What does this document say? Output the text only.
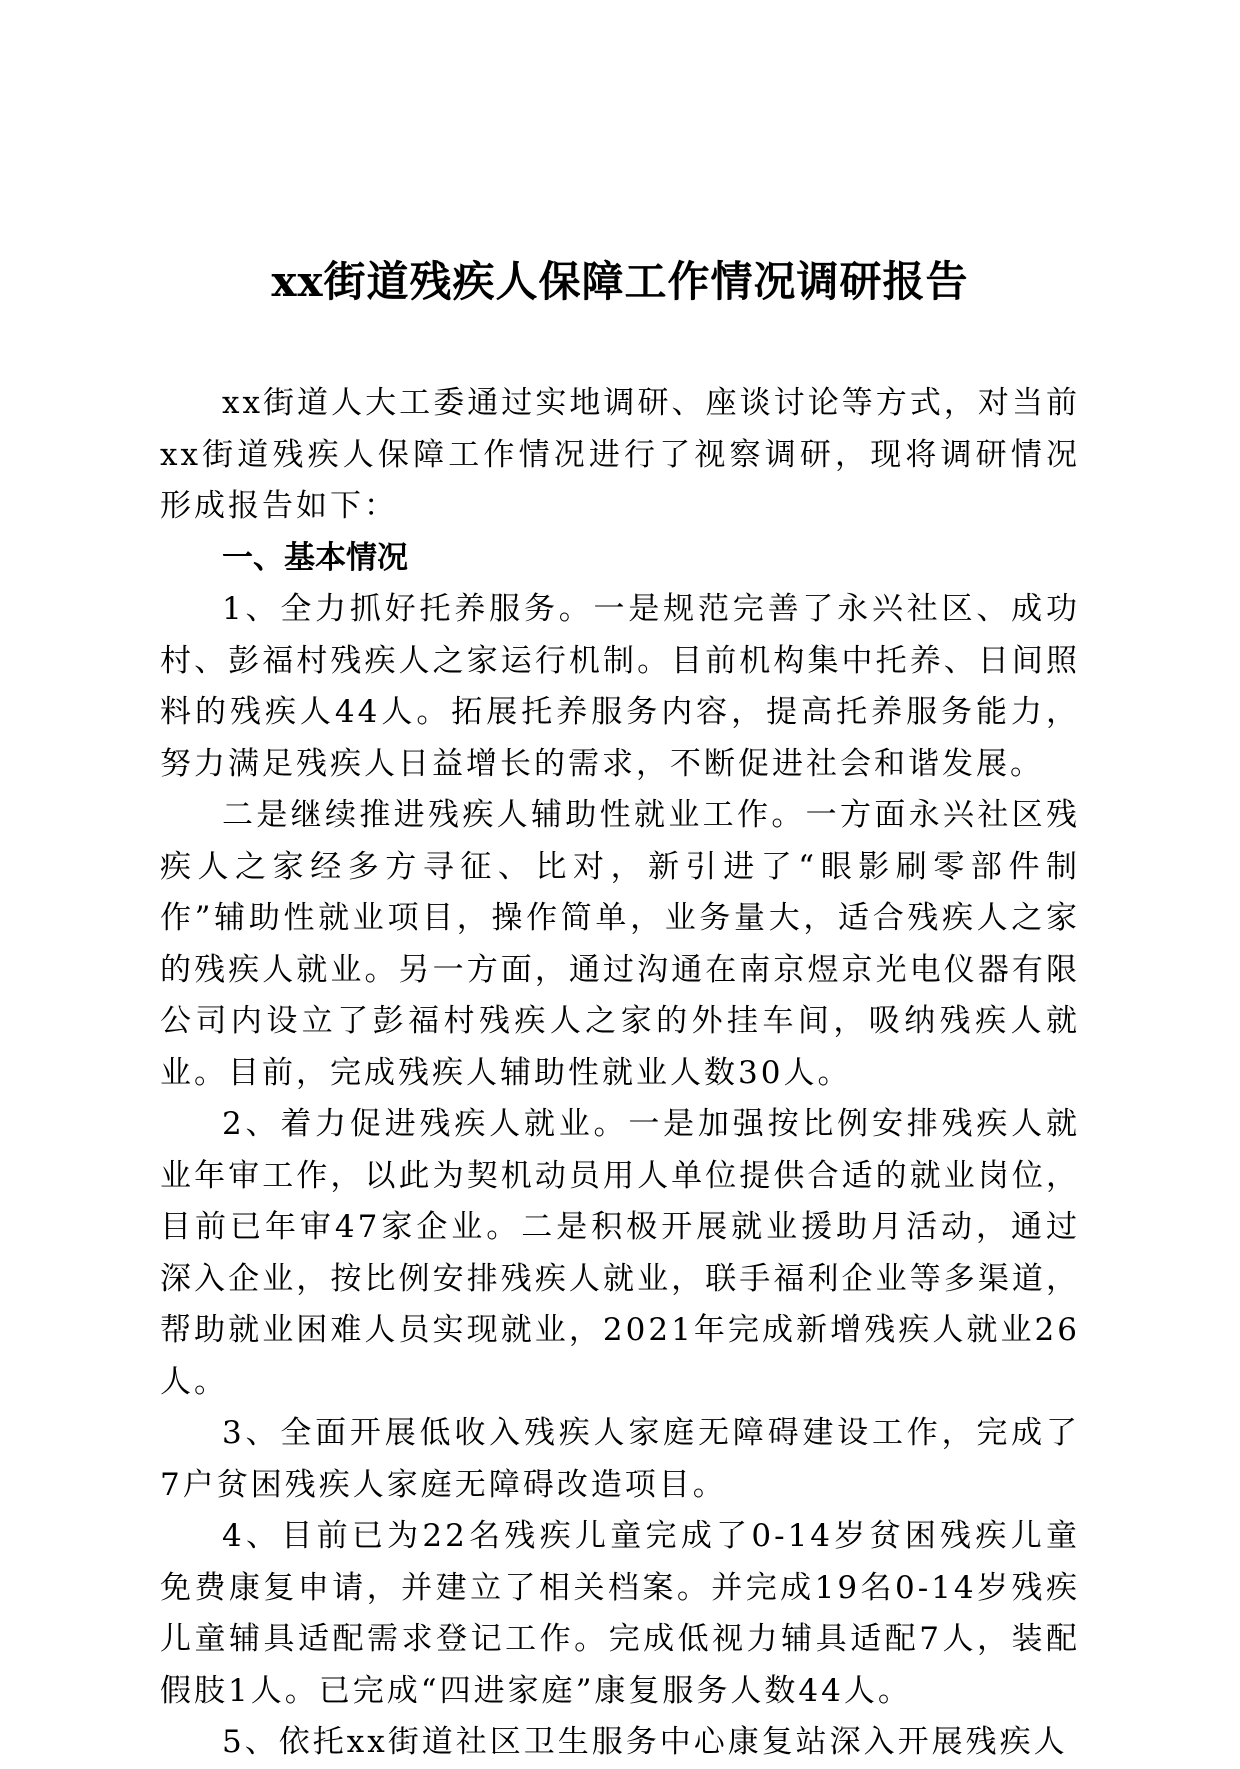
xx街道残疾人保障工作情况调研报告

xx街道人大工委通过实地调研、座谈讨论等方式，对当前xx街道残疾人保障工作情况进行了视察调研，现将调研情况形成报告如下：

一、基本情况

1、全力抓好托养服务。一是规范完善了永兴社区、成功村、彭福村残疾人之家运行机制。目前机构集中托养、日间照料的残疾人44人。拓展托养服务内容，提高托养服务能力，努力满足残疾人日益增长的需求，不断促进社会和谐发展。

二是继续推进残疾人辅助性就业工作。一方面永兴社区残疾人之家经多方寻征、比对，新引进了“眼影刷零部件制作”辅助性就业项目，操作简单，业务量大，适合残疾人之家的残疾人就业。另一方面，通过沟通在南京煜京光电仪器有限公司内设立了彭福村残疾人之家的外挂车间，吸纳残疾人就业。目前，完成残疾人辅助性就业人数30人。

2、着力促进残疾人就业。一是加强按比例安排残疾人就业年审工作，以此为契机动员用人单位提供合适的就业岗位，目前已年审47家企业。二是积极开展就业援助月活动，通过深入企业，按比例安排残疾人就业，联手福利企业等多渠道，帮助就业困难人员实现就业，2021年完成新增残疾人就业26人。

3、全面开展低收入残疾人家庭无障碍建设工作，完成了7户贫困残疾人家庭无障碍改造项目。

4、目前已为22名残疾儿童完成了0-14岁贫困残疾儿童免费康复申请，并建立了相关档案。并完成19名0-14岁残疾儿童辅具适配需求登记工作。完成低视力辅具适配7人，装配假肢1人。已完成“四进家庭”康复服务人数44人。

5、依托xx街道社区卫生服务中心康复站深入开展残疾人
